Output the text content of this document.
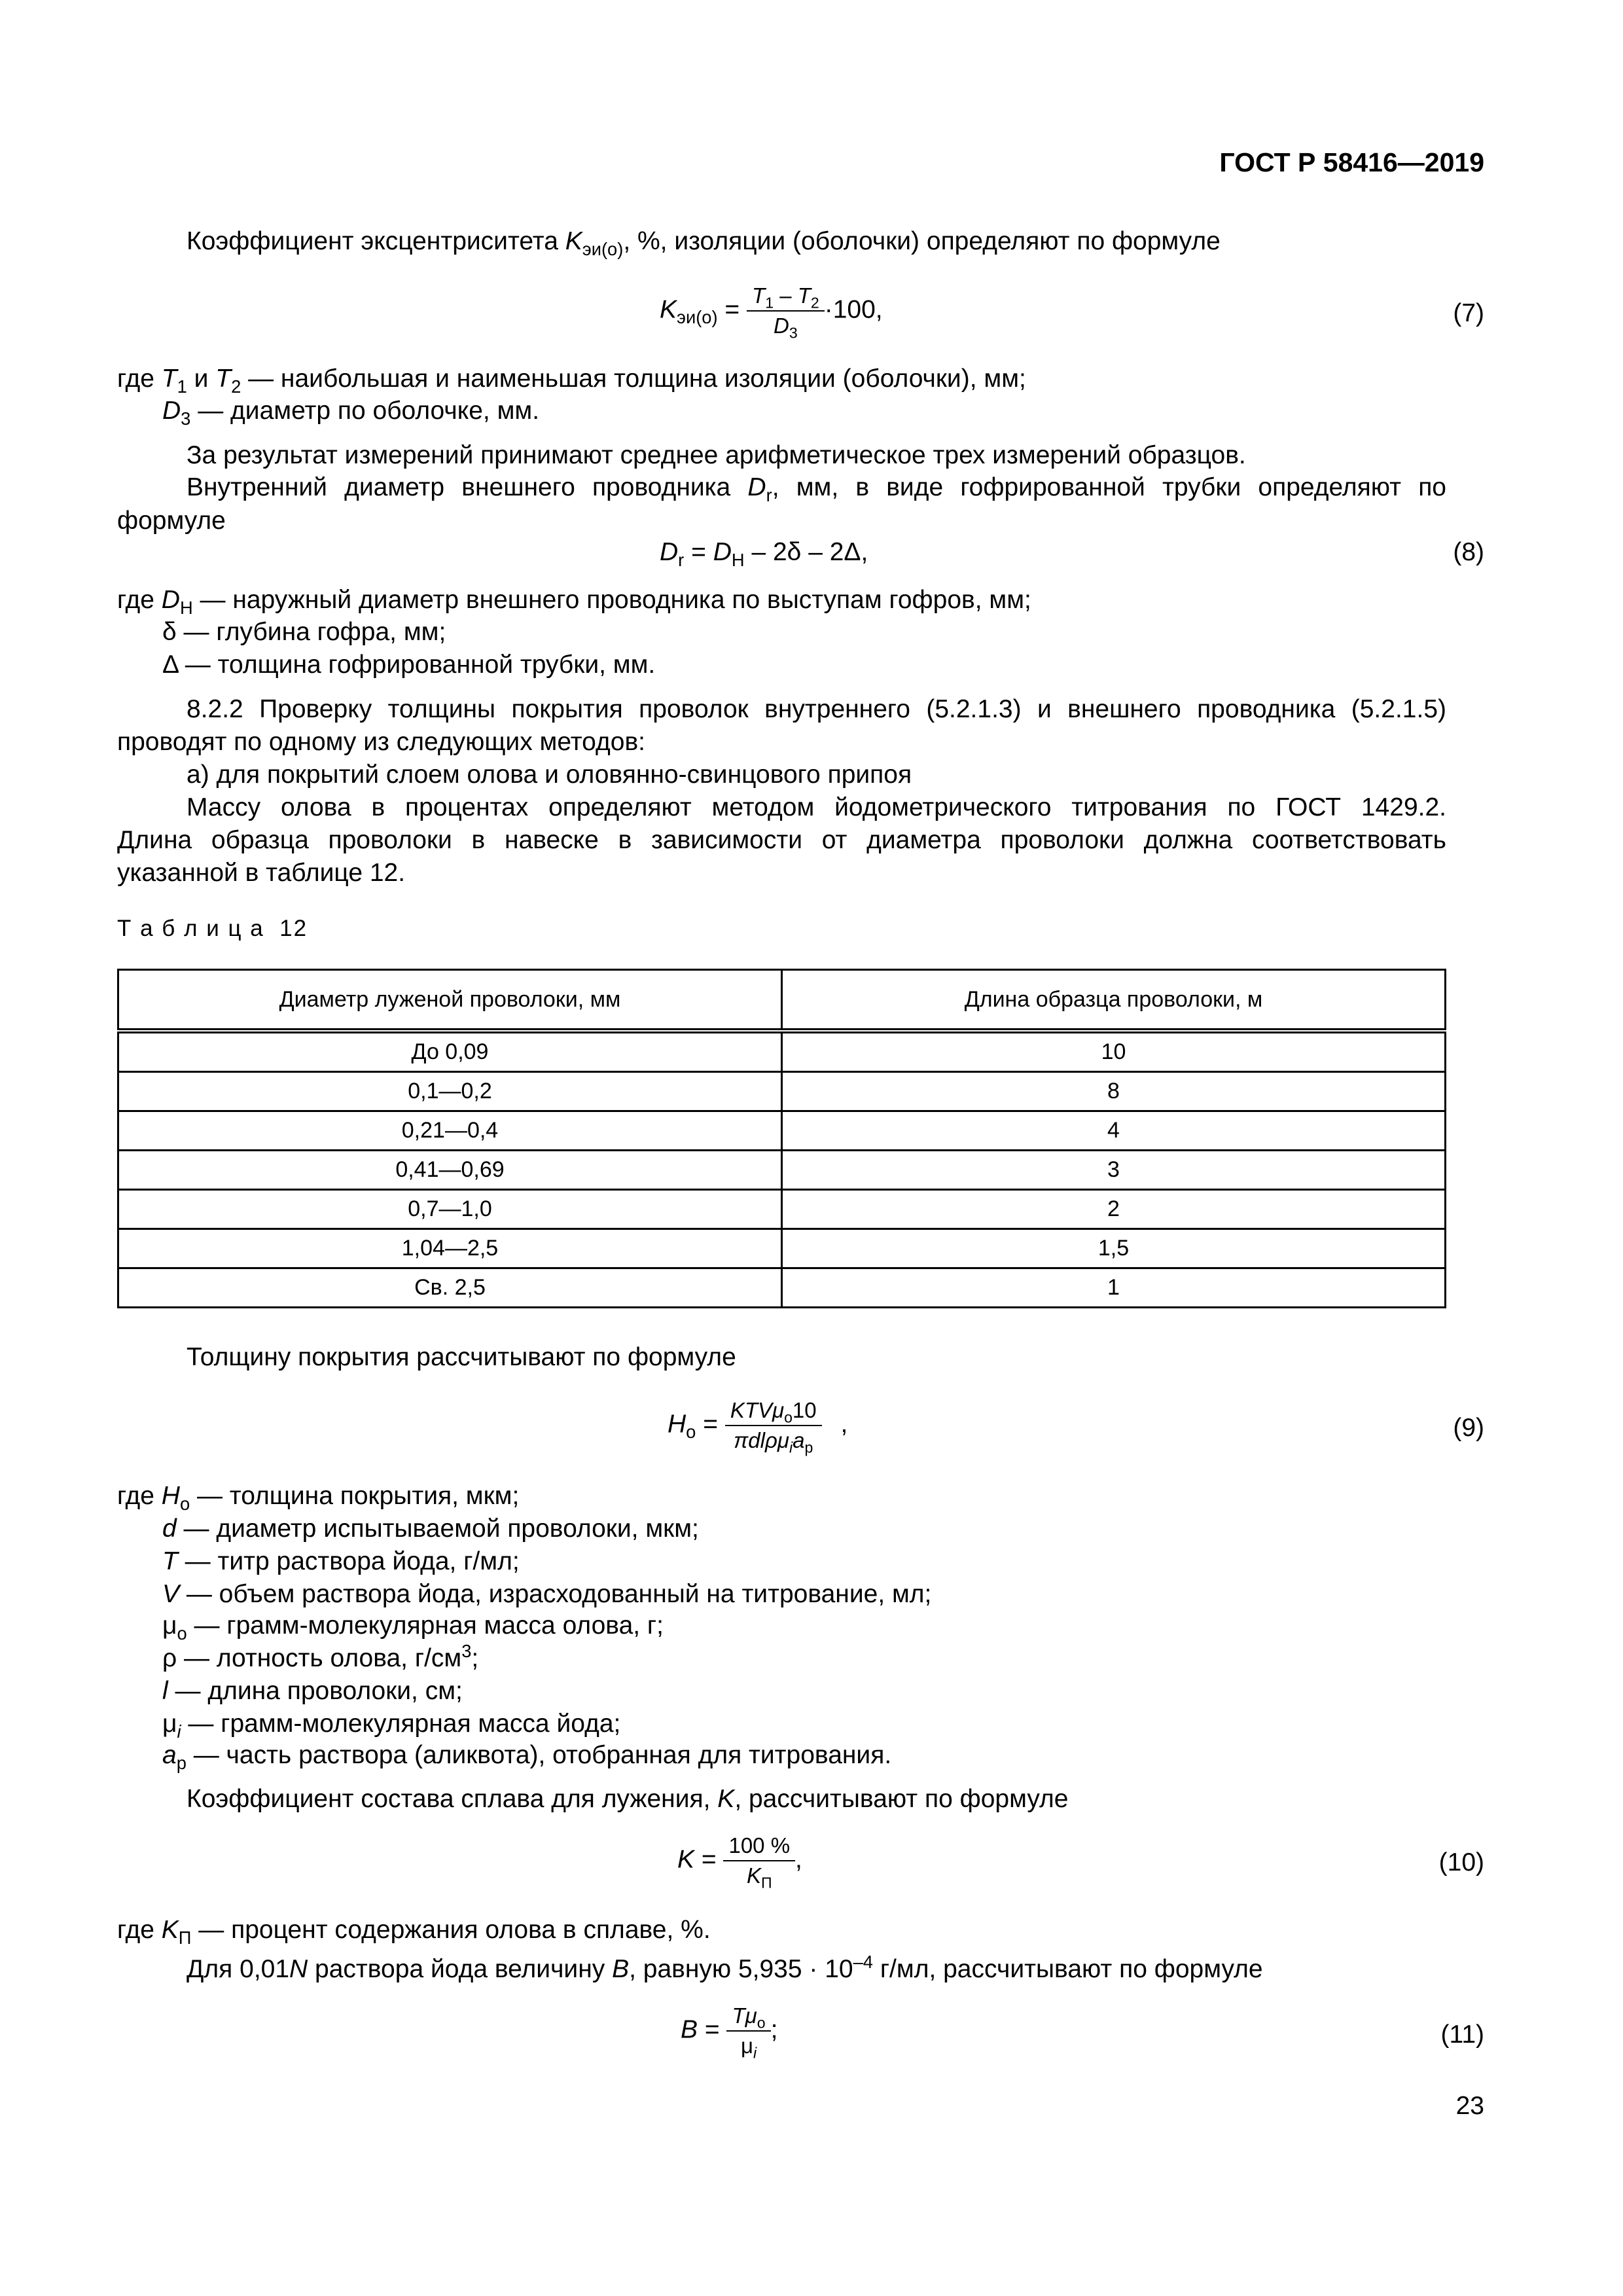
ГОСТ Р 58416—2019
Коэффициент эксцентриситета $K_{эи(о)}$, %, изоляции (оболочки) определяют по формуле
$K_{эи(о)} = \frac{T_1 - T_2}{D_3} \cdot 100$,	(7)
где $T_1$ и $T_2$ — наибольшая и наименьшая толщина изоляции (оболочки), мм;
$D_3$ — диаметр по оболочке, мм.
За результат измерений принимают среднее арифметическое трех измерений образцов.
Внутренний диаметр внешнего проводника $D_r$, мм, в виде гофрированной трубки определяют по
формуле
$D_r = D_Н - 2\delta - 2\Delta$,	(8)
где $D_Н$ — наружный диаметр внешнего проводника по выступам гофров, мм;
δ — глубина гофра, мм;
Δ — толщина гофрированной трубки, мм.
8.2.2 Проверку толщины покрытия проволок внутреннего (5.2.1.3) и внешнего проводника (5.2.1.5)
проводят по одному из следующих методов:
а) для покрытий слоем олова и оловянно-свинцового припоя
Массу олова в процентах определяют методом йодометрического титрования по ГОСТ 1429.2.
Длина образца проволоки в навеске в зависимости от диаметра проволоки должна соответствовать
указанной в таблице 12.
Т а б л и ц а  12
Диаметр луженой проволоки, мм	Длина образца проволоки, м
До 0,09	10
0,1—0,2	8
0,21—0,4	4
0,41—0,69	3
0,7—1,0	2
1,04—2,5	1,5
Св. 2,5	1
Толщину покрытия рассчитывают по формуле
$H_о = \frac{KTV\mu_о10}{\pi dl\rho\mu_ia_р}$ ,	(9)
где $H_о$ — толщина покрытия, мкм;
d — диаметр испытываемой проволоки, мкм;
T — титр раствора йода, г/мл;
V — объем раствора йода, израсходованный на титрование, мл;
$\mu_о$ — грамм-молекулярная масса олова, г;
ρ — лотность олова, $г/см^3$;
l — длина проволоки, см;
$\mu_i$ — грамм-молекулярная масса йода;
$a_р$ — часть раствора (аликвота), отобранная для титрования.
Коэффициент состава сплава для лужения, K, рассчитывают по формуле
$K = \frac{100 \%}{K_П}$ ,	(10)
где $K_П$ — процент содержания олова в сплаве, %.
Для 0,01N раствора йода величину B, равную $5,935 \cdot 10^{-4}$ г/мл, рассчитывают по формуле
$B = \frac{T\mu_о}{\mu_i}$ ;	(11)
23
